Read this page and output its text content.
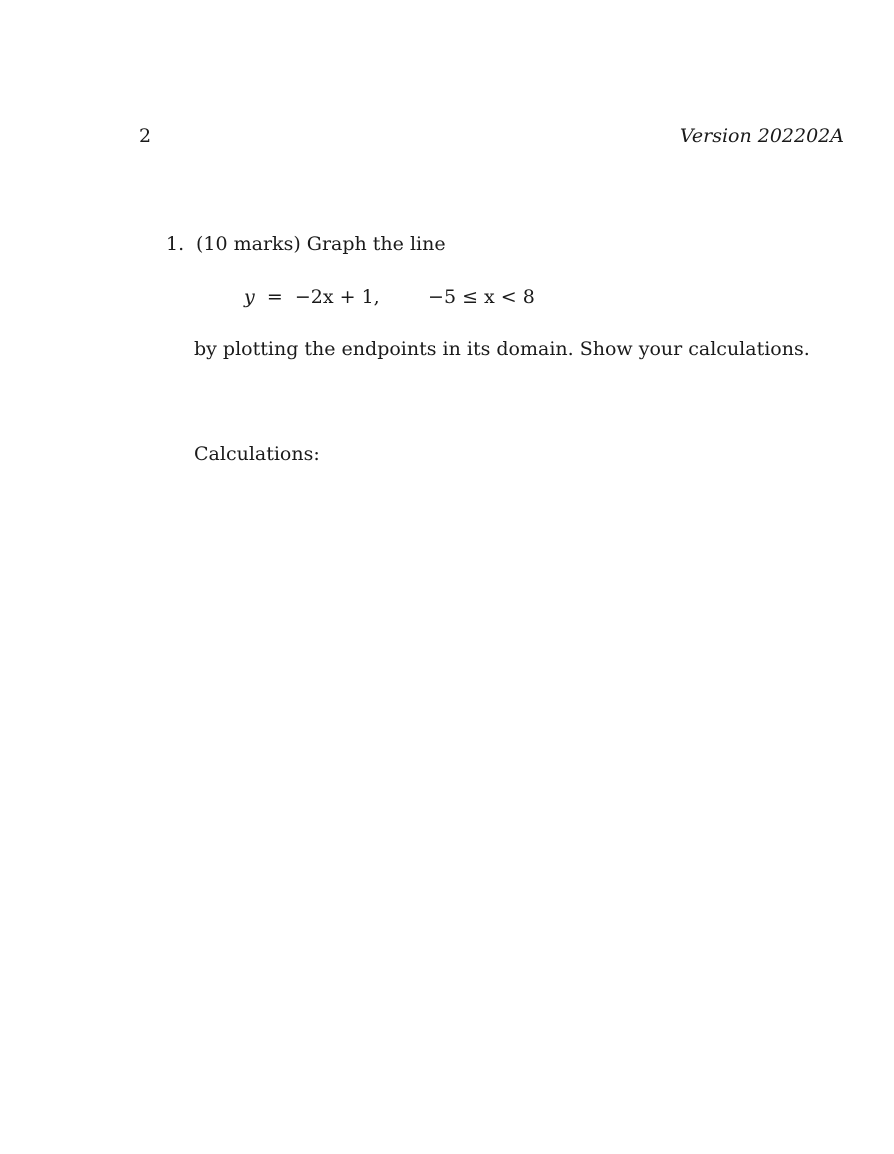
2	Version 202202A
1. (10 marks) Graph the line
y = −2x + 1,	−5 ≤ x < 8
by plotting the endpoints in its domain. Show your calculations.
Calculations:
